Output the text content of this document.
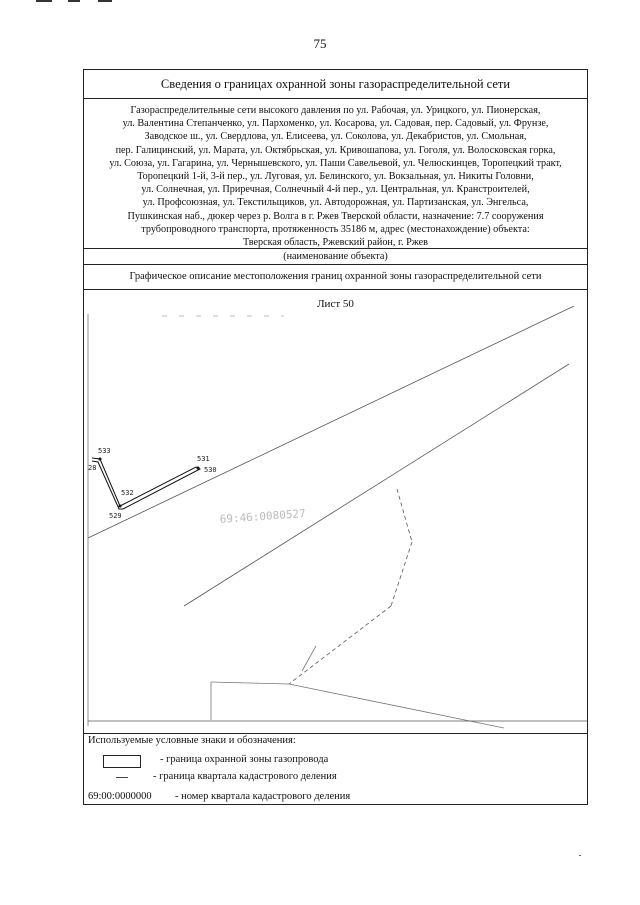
75
Сведения о границах охранной зоны газораспределительной сети
Газораспределительные сети высокого давления по ул. Рабочая, ул. Урицкого, ул. Пионерская,
ул. Валентина Степанченко, ул. Пархоменко, ул. Косарова, ул. Садовая, пер. Садовый, ул. Фрунзе,
Заводское ш., ул. Свердлова, ул. Елисеева, ул. Соколова, ул. Декабристов, ул. Смольная,
пер. Галицинский, ул. Марата, ул. Октябрьская, ул. Кривошапова, ул. Гоголя, ул. Волосковская горка,
ул. Союза, ул. Гагарина, ул. Чернышевского, ул. Паши Савельевой, ул. Челюскинцев, Торопецкий тракт,
Торопецкий 1-й, 3-й пер., ул. Луговая, ул. Белинского, ул. Вокзальная, ул. Никиты Головни,
ул. Солнечная, ул. Приречная, Солнечный 4-й пер., ул. Центральная, ул. Кранcтроителей,
ул. Профсоюзная, ул. Текстильщиков, ул. Автодорожная, ул. Партизанская, ул. Энгельса,
Пушкинская наб., дюкер через р. Волга в г. Ржев Тверской области, назначение: 7.7 сооружения
трубопроводного транспорта, протяженность 35186 м, адрес (местонахождение) объекта:
Тверская область, Ржевский район, г. Ржев
(наименование объекта)
Графическое описание местоположения границ охранной зоны газораспределительной сети
Лист 50
533
28
532
529
531
530
69:46:0080527
Используемые условные знаки и обозначения:
- граница охранной зоны газопровода
- граница квартала кадастрового деления
69:00:0000000 - номер квартала кадастрового деления
